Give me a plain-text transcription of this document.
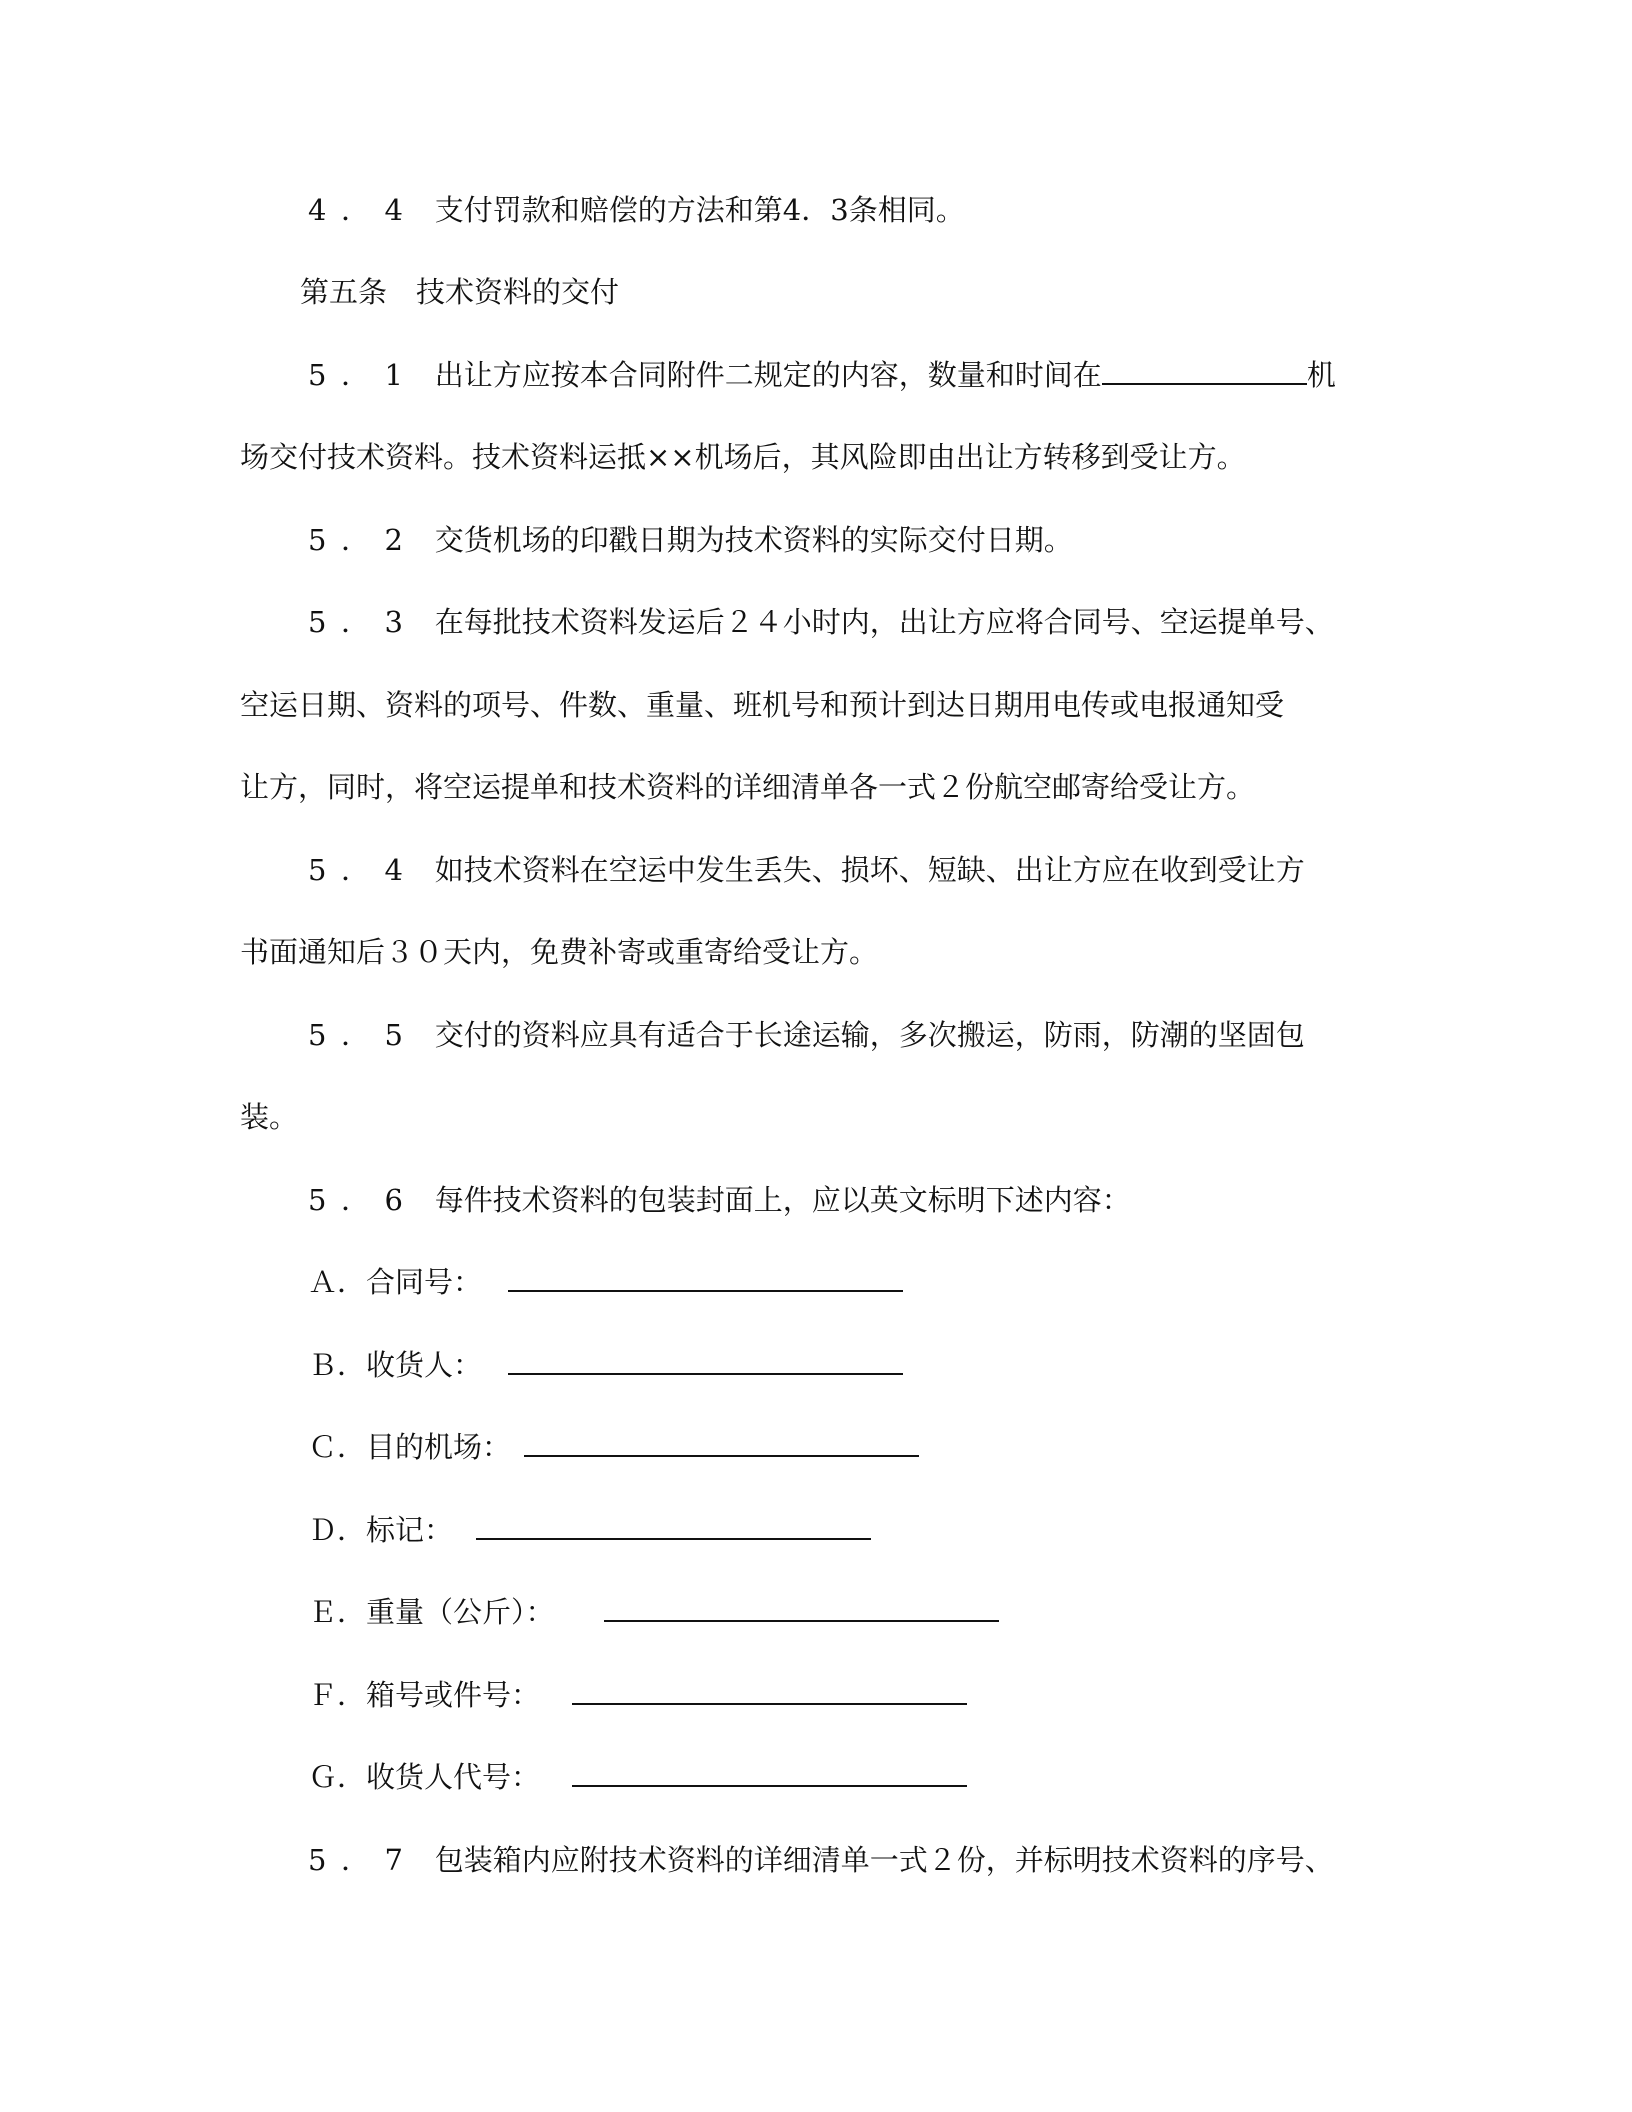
4．4 支付罚款和赔偿的方法和第4．3条相同。
第五条　技术资料的交付
5．1 出让方应按本合同附件二规定的内容，数量和时间在	机
场交付技术资料。技术资料运抵××机场后，其风险即由出让方转移到受让方。
5．2 交货机场的印戳日期为技术资料的实际交付日期。
5．3 在每批技术资料发运后２４小时内，出让方应将合同号、空运提单号、
空运日期、资料的项号、件数、重量、班机号和预计到达日期用电传或电报通知受
让方，同时，将空运提单和技术资料的详细清单各一式２份航空邮寄给受让方。
5．4 如技术资料在空运中发生丢失、损坏、短缺、出让方应在收到受让方
书面通知后３０天内，免费补寄或重寄给受让方。
5．5 交付的资料应具有适合于长途运输，多次搬运，防雨，防潮的坚固包
装。
5．6 每件技术资料的包装封面上，应以英文标明下述内容：
Ａ．合同号：
Ｂ．收货人：
Ｃ．目的机场：
Ｄ．标记：
Ｅ．重量（公斤）：
Ｆ．箱号或件号：
Ｇ．收货人代号：
5．7 包装箱内应附技术资料的详细清单一式２份，并标明技术资料的序号、
